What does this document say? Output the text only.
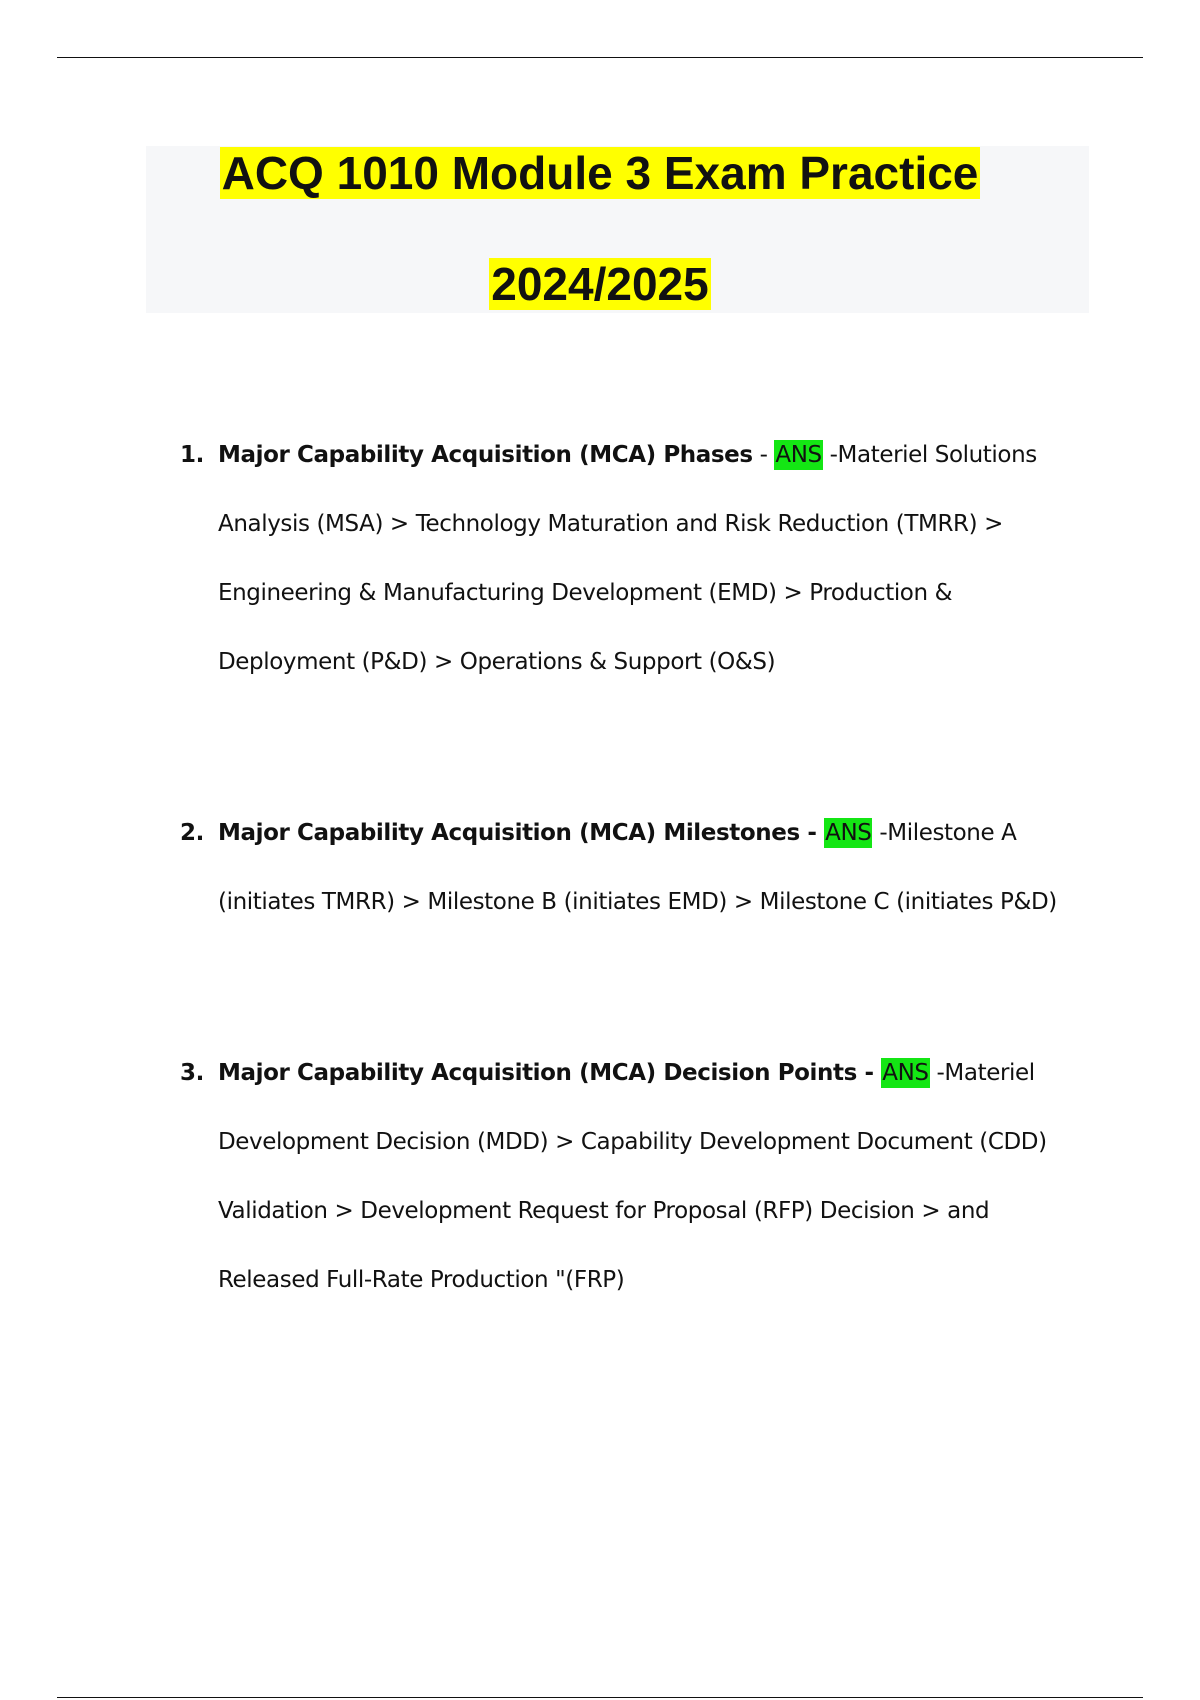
ACQ 1010 Module 3 Exam Practice
2024/2025
1. Major Capability Acquisition (MCA) Phases - ANS -Materiel Solutions Analysis (MSA) > Technology Maturation and Risk Reduction (TMRR) > Engineering & Manufacturing Development (EMD) > Production & Deployment (P&D) > Operations & Support (O&S)
2. Major Capability Acquisition (MCA) Milestones - ANS -Milestone A (initiates TMRR) > Milestone B (initiates EMD) > Milestone C (initiates P&D)
3. Major Capability Acquisition (MCA) Decision Points - ANS -Materiel Development Decision (MDD) > Capability Development Document (CDD) Validation > Development Request for Proposal (RFP) Decision > and Released Full-Rate Production "(FRP)
